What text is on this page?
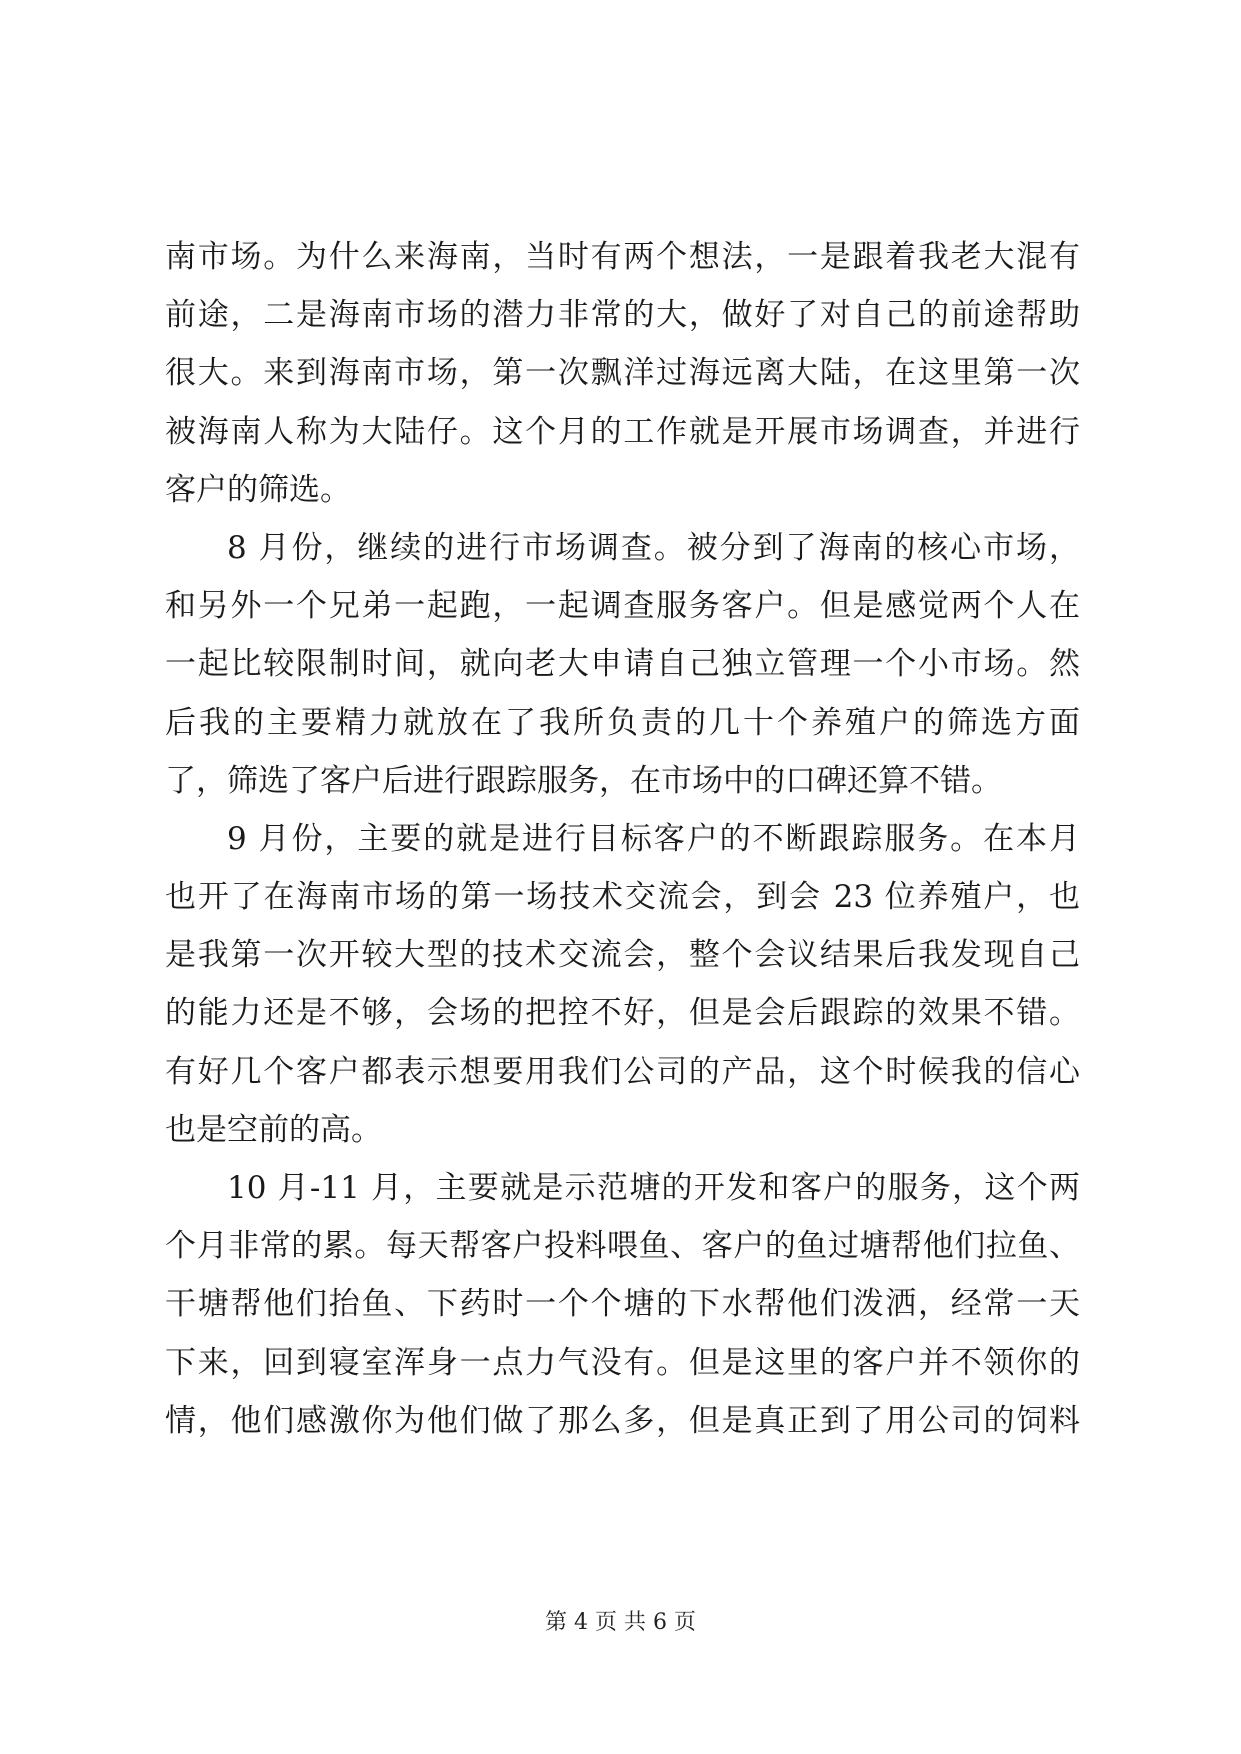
南市场。为什么来海南，当时有两个想法，一是跟着我老大混有
前途，二是海南市场的潜力非常的大，做好了对自己的前途帮助
很大。来到海南市场，第一次飘洋过海远离大陆，在这里第一次
被海南人称为大陆仔。这个月的工作就是开展市场调查，并进行
客户的筛选。
8 月份，继续的进行市场调查。被分到了海南的核心市场，
和另外一个兄弟一起跑，一起调查服务客户。但是感觉两个人在
一起比较限制时间，就向老大申请自己独立管理一个小市场。然
后我的主要精力就放在了我所负责的几十个养殖户的筛选方面
了，筛选了客户后进行跟踪服务，在市场中的口碑还算不错。
9 月份，主要的就是进行目标客户的不断跟踪服务。在本月
也开了在海南市场的第一场技术交流会，到会 23 位养殖户，也
是我第一次开较大型的技术交流会，整个会议结果后我发现自己
的能力还是不够，会场的把控不好，但是会后跟踪的效果不错。
有好几个客户都表示想要用我们公司的产品，这个时候我的信心
也是空前的高。
10 月-11 月，主要就是示范塘的开发和客户的服务，这个两
个月非常的累。每天帮客户投料喂鱼、客户的鱼过塘帮他们拉鱼、
干塘帮他们抬鱼、下药时一个个塘的下水帮他们泼洒，经常一天
下来，回到寝室浑身一点力气没有。但是这里的客户并不领你的
情，他们感激你为他们做了那么多，但是真正到了用公司的饲料
第 4 页 共 6 页
